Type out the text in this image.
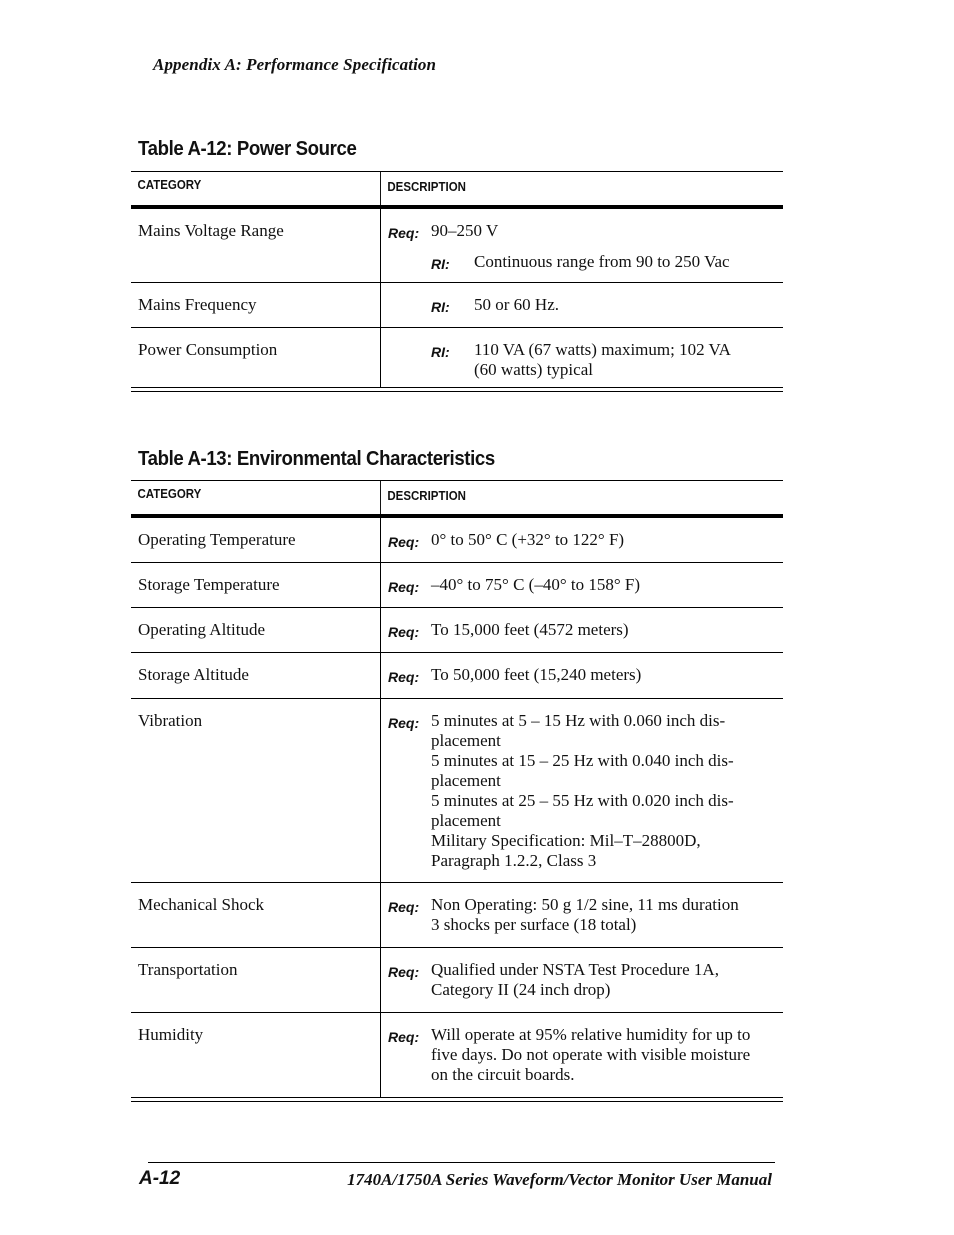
Appendix A: Performance Specification
Table A-12: Power Source
CATEGORY	DESCRIPTION
Mains Voltage Range	Req: 90–250 V
RI:	Continuous range from 90 to 250 Vac
Mains Frequency	RI:	50 or 60 Hz.
Power Consumption	RI:	110 VA (67 watts) maximum; 102 VA

(60 watts) typical

Table A-13: Environmental Characteristics
CATEGORY	DESCRIPTION
Operating Temperature	Req: 0° to 50° C (+32° to 122° F)

Storage Temperature	Req: –40° to 75° C (–40° to 158° F)

Operating Altitude	Req: To 15,000 feet (4572 meters)

Storage Altitude	Req: To 50,000 feet (15,240 meters)

Vibration	Req: 5 minutes at 5 – 15 Hz with 0.060 inch dis-

placement

5 minutes at 15 – 25 Hz with 0.040 inch dis-

placement

5 minutes at 25 – 55 Hz with 0.020 inch dis-

placement

Military Specification: Mil–T–28800D,

Paragraph 1.2.2, Class 3

Mechanical Shock	Req: Non Operating: 50 g 1/2 sine, 11 ms duration

3 shocks per surface (18 total)

Transportation	Req: Qualified under NSTA Test Procedure 1A,

Category II (24 inch drop)

Humidity	Req: Will operate at 95% relative humidity for up to

five days. Do not operate with visible moisture

on the circuit boards.

A-12	1740A/1750A Series Waveform/Vector Monitor User Manual
